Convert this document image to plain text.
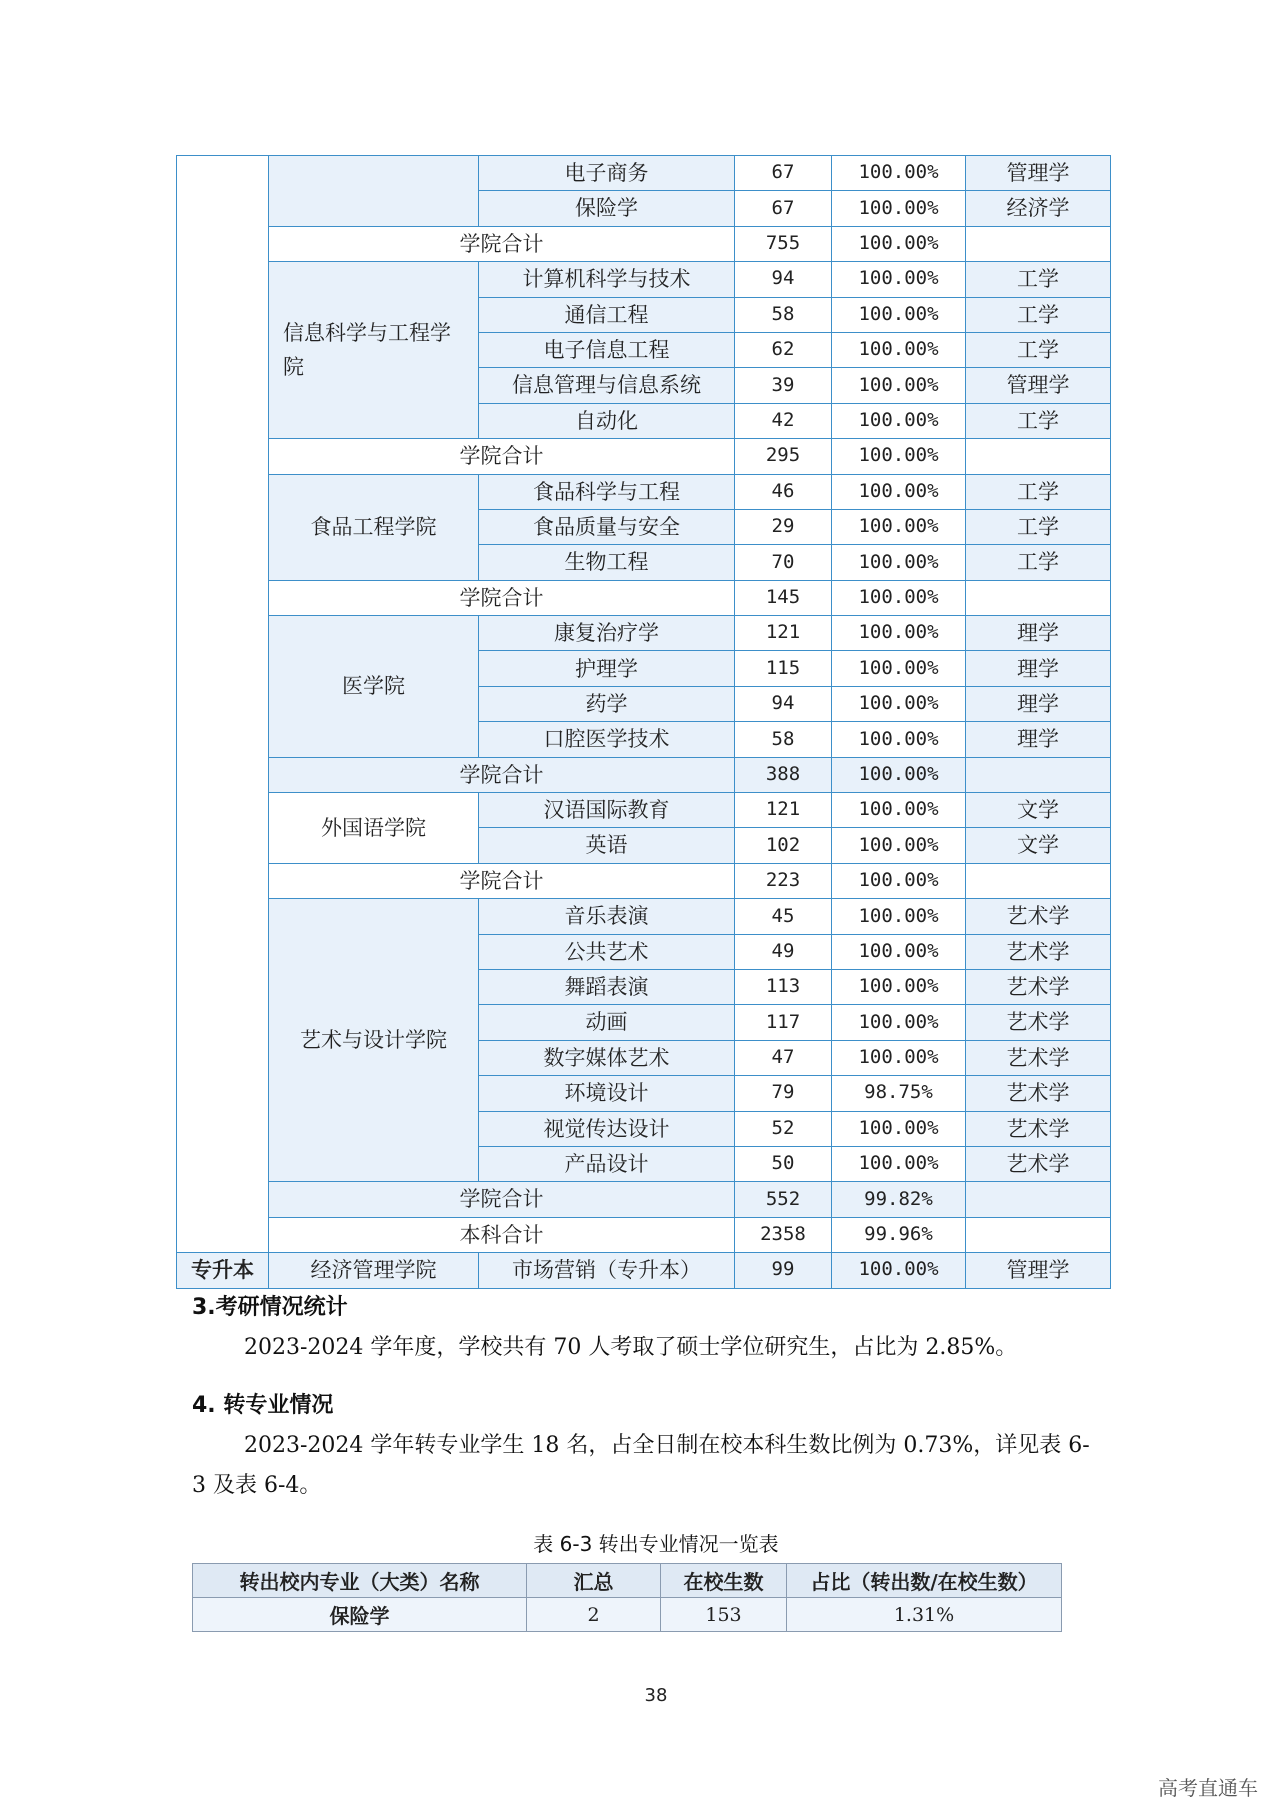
		电子商务	67	100.00%	管理学
		保险学	67	100.00%	经济学
	学院合计		755	100.00%	
	信息科学与工程学院	计算机科学与技术	94	100.00%	工学
		通信工程	58	100.00%	工学
		电子信息工程	62	100.00%	工学
		信息管理与信息系统	39	100.00%	管理学
		自动化	42	100.00%	工学
	学院合计		295	100.00%	
	食品工程学院	食品科学与工程	46	100.00%	工学
		食品质量与安全	29	100.00%	工学
		生物工程	70	100.00%	工学
	学院合计		145	100.00%	
	医学院	康复治疗学	121	100.00%	理学
		护理学	115	100.00%	理学
		药学	94	100.00%	理学
		口腔医学技术	58	100.00%	理学
	学院合计		388	100.00%	
	外国语学院	汉语国际教育	121	100.00%	文学
		英语	102	100.00%	文学
	学院合计		223	100.00%	
	艺术与设计学院	音乐表演	45	100.00%	艺术学
		公共艺术	49	100.00%	艺术学
		舞蹈表演	113	100.00%	艺术学
		动画	117	100.00%	艺术学
		数字媒体艺术	47	100.00%	艺术学
		环境设计	79	98.75%	艺术学
		视觉传达设计	52	100.00%	艺术学
		产品设计	50	100.00%	艺术学
	学院合计		552	99.82%	
	本科合计		2358	99.96%	
专升本	经济管理学院	市场营销（专升本）	99	100.00%	管理学
3.考研情况统计

2023-2024 学年度，学校共有 70 人考取了硕士学位研究生，占比为 2.85%。

4. 转专业情况

2023-2024 学年转专业学生 18 名，占全日制在校本科生数比例为 0.73%，详见表 6-3 及表 6-4。

表 6-3 转出专业情况一览表
转出校内专业（大类）名称	汇总	在校生数	占比（转出数/在校生数）
保险学	2	153	1.31%
38
高考直通车
